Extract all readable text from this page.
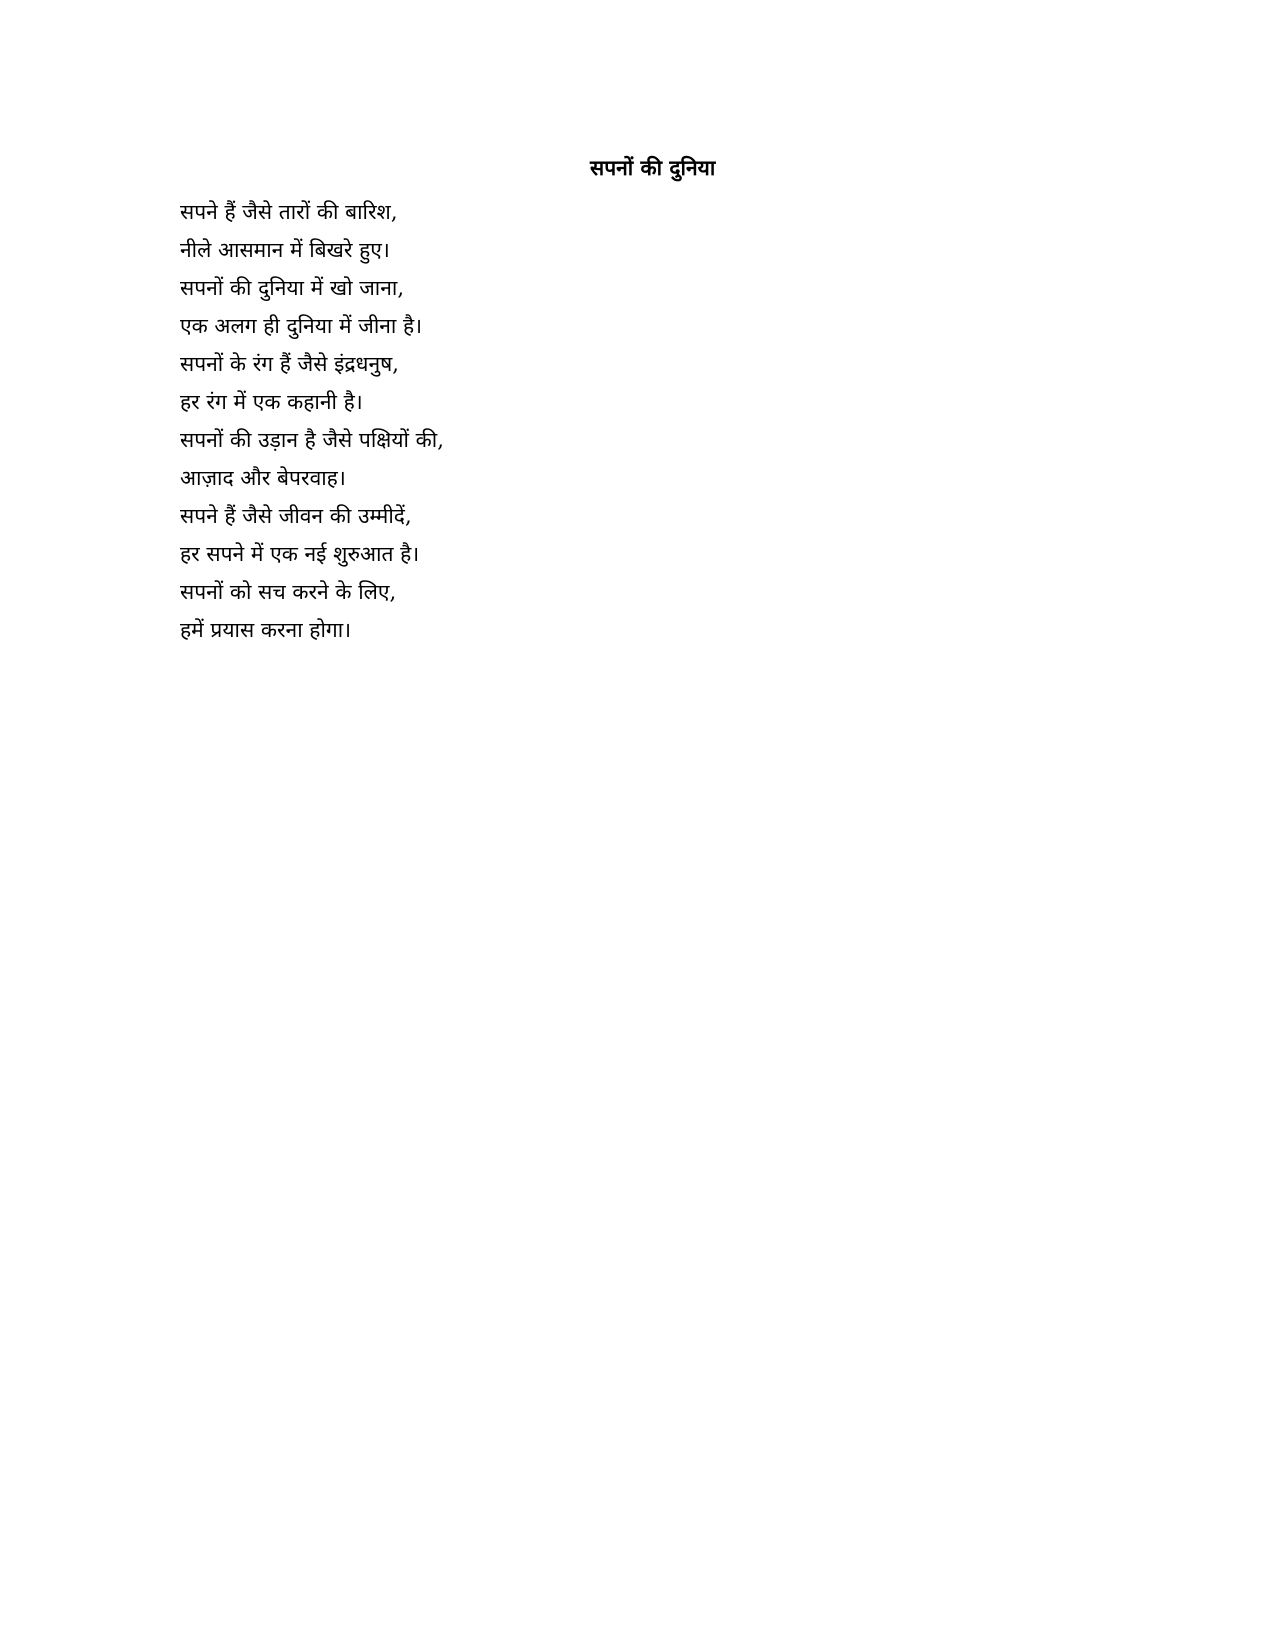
सपनों की दुनिया
सपने हैं जैसे तारों की बारिश,
नीले आसमान में बिखरे हुए।
सपनों की दुनिया में खो जाना,
एक अलग ही दुनिया में जीना है।
सपनों के रंग हैं जैसे इंद्रधनुष,
हर रंग में एक कहानी है।
सपनों की उड़ान है जैसे पक्षियों की,
आज़ाद और बेपरवाह।
सपने हैं जैसे जीवन की उम्मीदें,
हर सपने में एक नई शुरुआत है।
सपनों को सच करने के लिए,
हमें प्रयास करना होगा।
